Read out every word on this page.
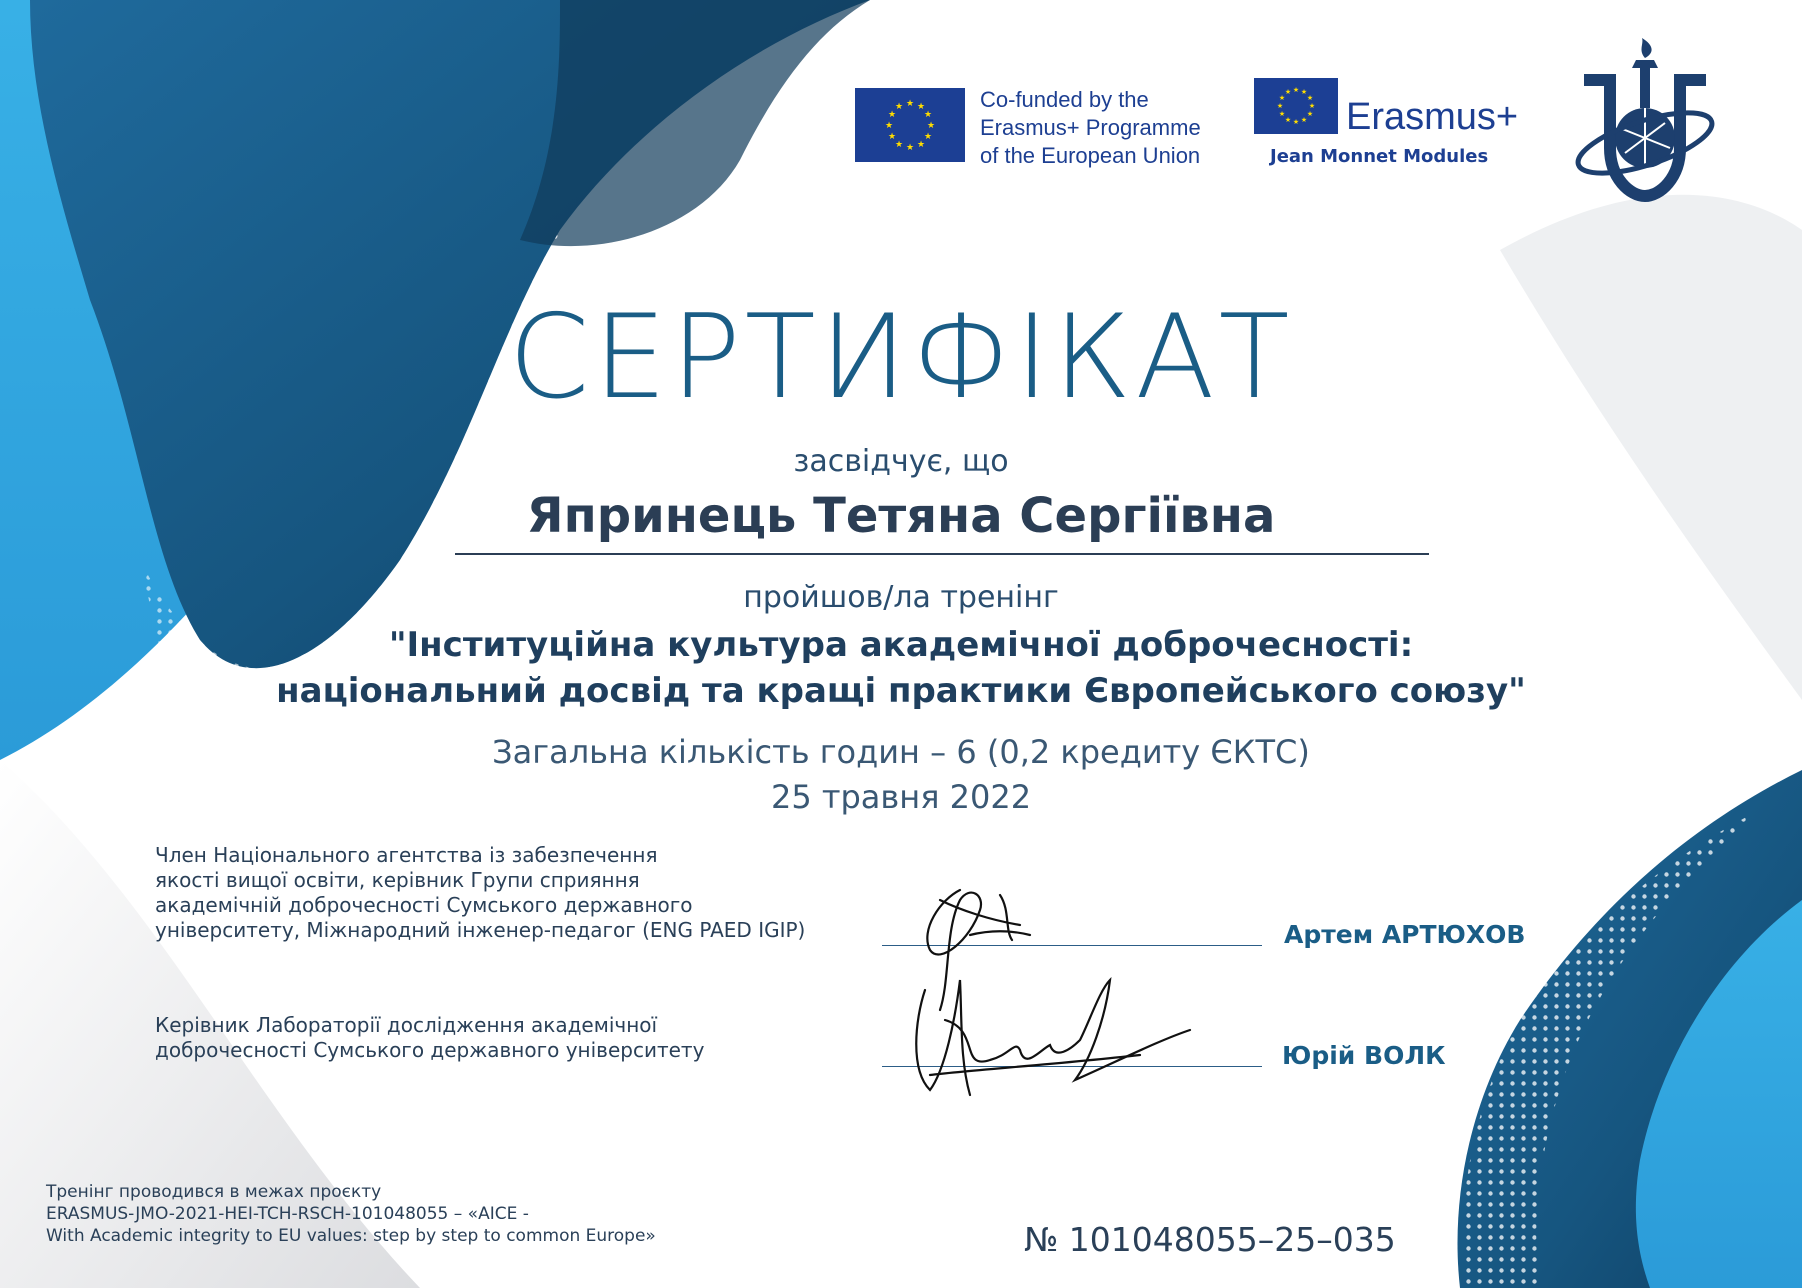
★ ★
★
★
★
★
★
★
★
★
★
★	Co-funded by the
Erasmus+ Programme
of the European Union
★ ★
★
★
★
★
★
★
★
★
★
★
Erasmus+
Jean Monnet Modules
СЕРТИФІКАТ
засвідчує, що
Япринець Тетяна Сергіївна
пройшов/ла тренінг
"Інституційна культура академічної доброчесності:
національний досвід та кращі практики Європейського союзу"
Загальна кількість годин – 6 (0,2 кредиту ЄКТС)
25 травня 2022
Член Національного агентства із забезпечення
якості вищої освіти, керівник Групи сприяння
академічній доброчесності Сумського державного
університету, Міжнародний інженер-педагог (ENG PAED IGIP)	Артем АРТЮХОВ
Керівник Лабораторії дослідження академічної
доброчесності Сумського державного університету	Юрій ВОЛК
Тренінг проводився в межах проєкту
ERASMUS-JMO-2021-HEI-TCH-RSCH-101048055 – «AICE -
With Academic integrity to EU values: step by step to common Europe»	№ 101048055–25–035
